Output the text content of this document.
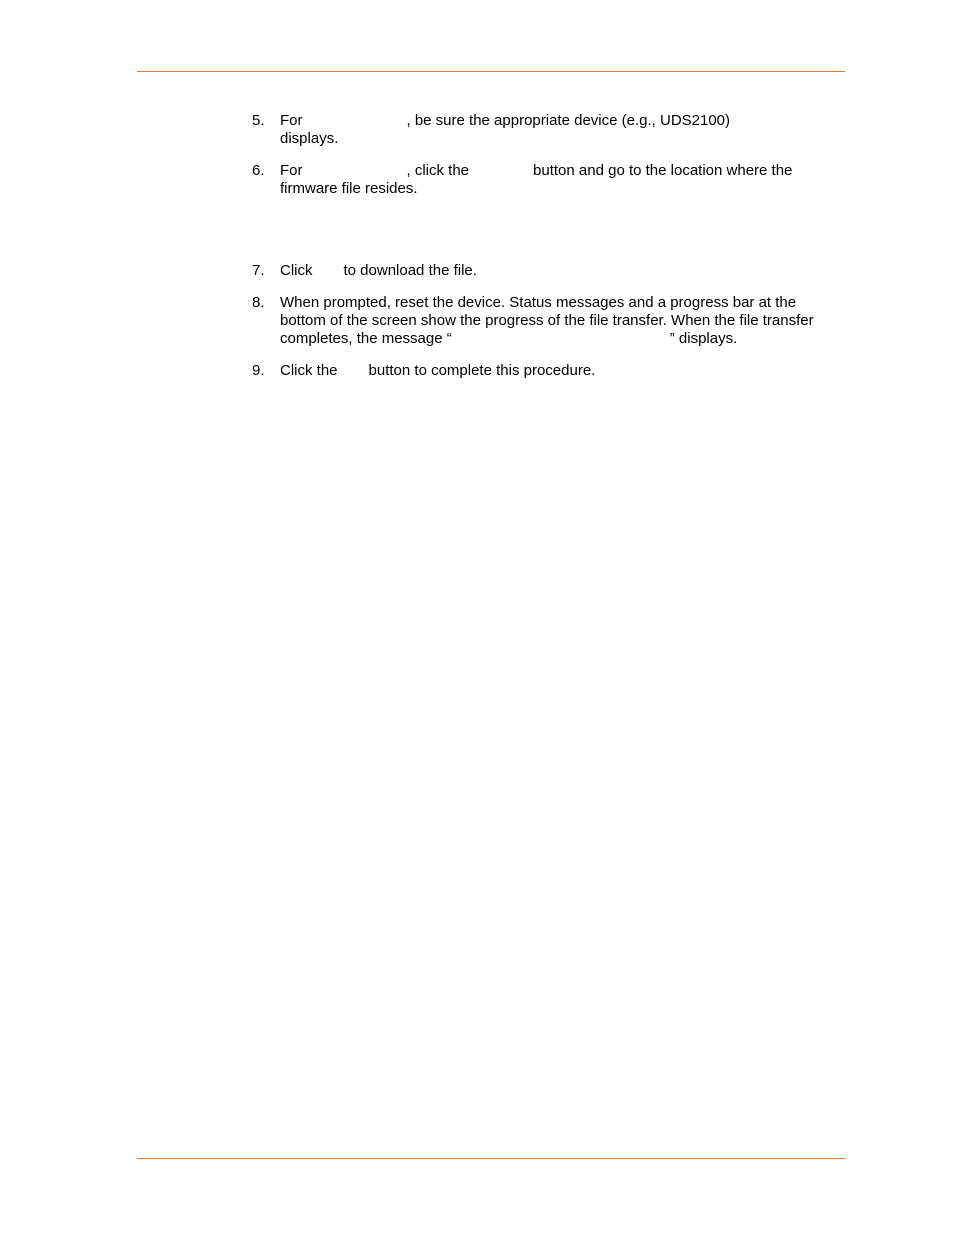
5.	For	, be sure the appropriate device (e.g., UDS2100)
displays.
6.	For	, click the	button and go to the location where the
firmware file resides.
7.	Click to download the file.
8.	When prompted, reset the device. Status messages and a progress bar at the
bottom of the screen show the progress of the file transfer. When the file transfer
completes, the message “	” displays.
9.	Click the button to complete this procedure.
